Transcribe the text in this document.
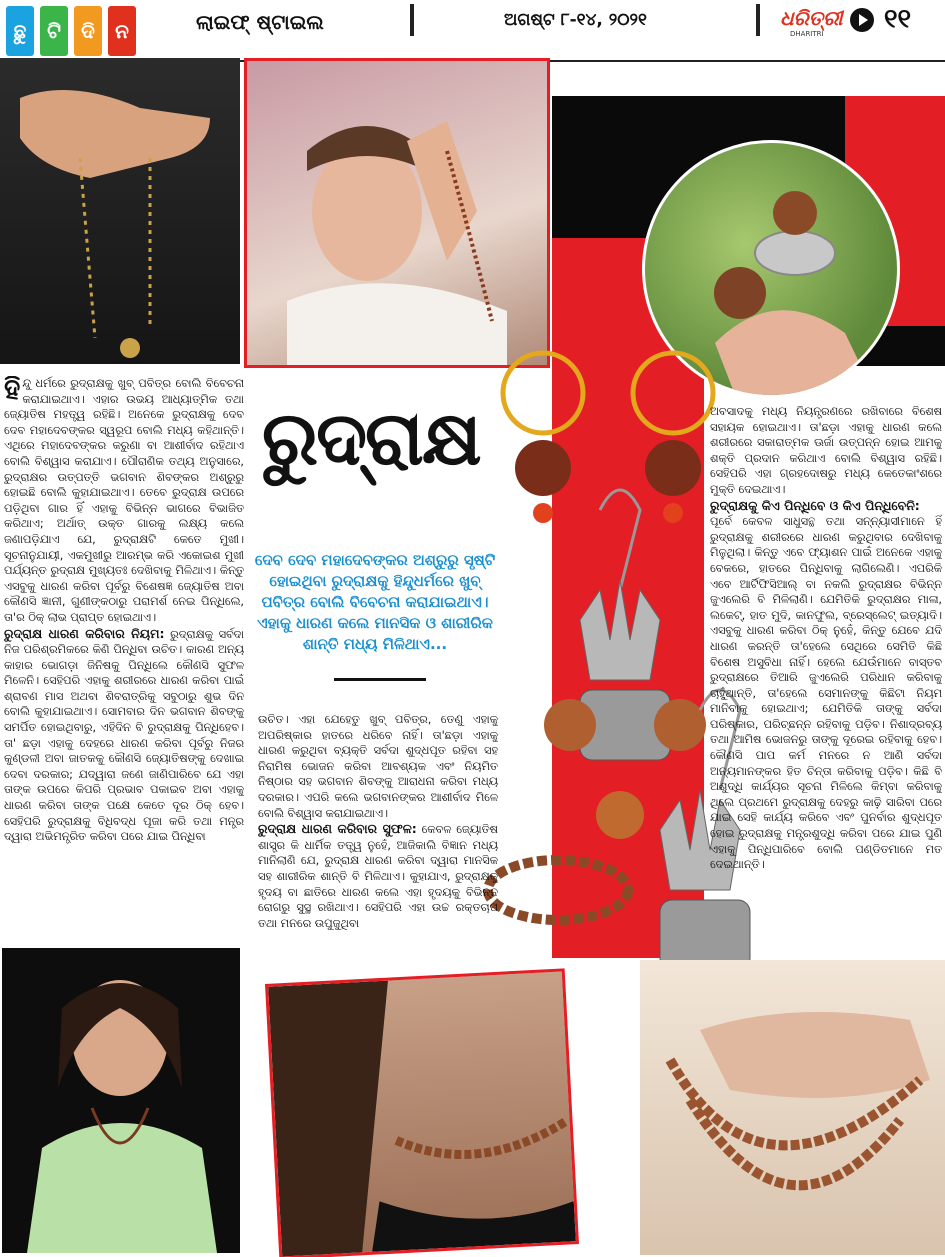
ଛୁ	ଟି	ଦି	ନ	ଲାଇଫ୍ ଷ୍ଟାଇଲ	ଅଗଷ୍ଟ ୮-୧୪, ୨୦୨୧	ଧରିତ୍ରୀ
DHARITRI ୧୧
ରୁଦ୍ରାକ୍ଷ
ଦେବ ଦେବ ମହାଦେବଙ୍କର ଅଶ୍ରୁରୁ ସୃଷ୍ଟି ହୋଇଥିବା ରୁଦ୍ରାକ୍ଷକୁ ହିନ୍ଦୁଧର୍ମରେ ଖୁବ୍ ପବିତ୍ର ବୋଲି ବିବେଚନା କରାଯାଇଥାଏ। ଏହାକୁ ଧାରଣ କଲେ ମାନସିକ ଓ ଶାରୀରିକ ଶାନ୍ତି ମଧ୍ୟ ମିଳିଥାଏ...

ହିନ୍ଦୁ ଧର୍ମରେ ରୁଦ୍ରାକ୍ଷକୁ ଖୁବ୍ ପବିତ୍ର ବୋଲି ବିବେଚନା କରାଯାଇଥାଏ। ଏହାର ଉଭୟ ଆଧ୍ୟାତ୍ମିକ ତଥା ଜ୍ୟୋତିଷ ମହତ୍ତ୍ୱ ରହିଛି। ଅନେକେ ରୁଦ୍ରାକ୍ଷକୁ ଦେବ ଦେବ ମହାଦେବଙ୍କର ସ୍ୱରୂପ ବୋଲି ମଧ୍ୟ କହିଥାନ୍ତି। ଏଥିରେ ମହାଦେବଙ୍କର କରୁଣା ବା ଆଶୀର୍ବାଦ ରହିଥାଏ ବୋଲି ବିଶ୍ୱାସ କରାଯାଏ। ପୌରାଣିକ ତଥ୍ୟ ଅନୁସାରେ, ରୁଦ୍ରାକ୍ଷର ଉତ୍ପତ୍ତି ଭଗବାନ ଶିବଙ୍କର ଅଶ୍ରୁରୁ ହୋଇଛି ବୋଲି କୁହାଯାଇଥାଏ। ତେବେ ରୁଦ୍ରାକ୍ଷ ଉପରେ ପଡ଼ିଥିବା ଗାର ହିଁ ଏହାକୁ ବିଭିନ୍ନ ଭାଗରେ ବିଭାଜିତ କରିଥାଏ; ଅର୍ଥାତ୍ ଉକ୍ତ ଗାରକୁ ଲକ୍ଷ୍ୟ କଲେ ଜଣାପଡ଼ିଯାଏ ଯେ, ରୁଦ୍ରାକ୍ଷଟି କେତେ ମୁଖୀ। ସୂଚନାନୁଯାୟୀ, ଏକମୁଖୀରୁ ଆରମ୍ଭ କରି ଏକୋଇଶ ମୁଖୀ ପର୍ଯ୍ୟନ୍ତ ରୁଦ୍ରାକ୍ଷ ମୁଖ୍ୟତଃ ଦେଖିବାକୁ ମିଳିଥାଏ। କିନ୍ତୁ ଏସବୁକୁ ଧାରଣ କରିବା ପୂର୍ବରୁ ବିଶେଷଜ୍ଞ ଜ୍ୟୋତିଷ ଅବା କୌଣସି ଜ୍ଞାନୀ, ଗୁଣୀଙ୍କଠାରୁ ପରାମର୍ଶ ନେଇ ପିନ୍ଧିଲେ, ତା'ର ଠିକ୍ ଲାଭ ପ୍ରାପ୍ତ ହୋଇଥାଏ।

ରୁଦ୍ରାକ୍ଷ ଧାରଣ କରିବାର ନିୟମ: ରୁଦ୍ରାକ୍ଷକୁ ସର୍ବଦା ନିଜ ପରିଶ୍ରମିକରେ କିଣି ପିନ୍ଧିବା ଉଚିତ। କାରଣ ଅନ୍ୟ କାହାର ଭୋଗଡ଼ା ଜିନିଷକୁ ପିନ୍ଧିଲେ କୌଣସି ସୁଫଳ ମିଳେନି। ସେହିପରି ଏହାକୁ ଶରୀରରେ ଧାରଣ କରିବା ପାଇଁ ଶ୍ରାବଣ ମାସ ଅଥବା ଶିବରାତ୍ରିକୁ ସବୁଠାରୁ ଶୁଭ ଦିନ ବୋଲି କୁହାଯାଇଥାଏ। ସୋମବାର ଦିନ ଭଗବାନ ଶିବଙ୍କୁ ସମର୍ପିତ ହୋଇଥିବାରୁ, ଏହିଦିନ ବି ରୁଦ୍ରାକ୍ଷକୁ ପିନ୍ଧିହେବ। ତା' ଛଡ଼ା ଏହାକୁ ଦେହରେ ଧାରଣ କରିବା ପୂର୍ବରୁ ନିଜର କୁଣ୍ଡଳୀ ଅବା ଜାତକକୁ କୌଣସି ଜ୍ୟୋତିଷଙ୍କୁ ଦେଖାଇ ଦେବା ଦରକାର; ଯଦ୍ୱାରା ଜଣେ ଜାଣିପାରିବେ ଯେ ଏହା ତାଙ୍କ ଉପରେ କିପରି ପ୍ରଭାବ ପକାଇବ ଅବା ଏହାକୁ ଧାରଣ କରିବା ତାଙ୍କ ପକ୍ଷେ କେତେ ଦୂର ଠିକ୍ ହେବ। ସେହିପରି ରୁଦ୍ରାକ୍ଷକୁ ବିଧିବଦ୍ଧ ପୂଜା କରି ତଥା ମନ୍ତ୍ର ଦ୍ୱାରା ଅଭିମନ୍ତ୍ରିତ କରିବା ପରେ ଯାଇ ପିନ୍ଧିବା

ଉଚିତ। ଏହା ଯେହେତୁ ଖୁବ୍ ପବିତ୍ର, ତେଣୁ ଏହାକୁ ଅପରିଷ୍କାର ହାତରେ ଧରିବେ ନାହିଁ। ତା'ଛଡ଼ା ଏହାକୁ ଧାରଣ କରୁଥିବା ବ୍ୟକ୍ତି ସର୍ବଦା ଶୁଦ୍ଧପୂତ ରହିବା ସହ ନିରାମିଷ ଭୋଜନ କରିବା ଆବଶ୍ୟକ ଏବଂ ନିୟମିତ ନିଷ୍ଠାର ସହ ଭଗବାନ ଶିବଙ୍କୁ ଆରାଧନା କରିବା ମଧ୍ୟ ଦରକାର। ଏପରି କଲେ ଭଗବାନଙ୍କର ଆଶୀର୍ବାଦ ମିଳେ ବୋଲି ବିଶ୍ୱାସ କରାଯାଇଥାଏ।

ରୁଦ୍ରାକ୍ଷ ଧାରଣ କରିବାର ସୁଫଳ: କେବଳ ଜ୍ୟୋତିଷ ଶାସ୍ତ୍ର କି ଧାର୍ମିକ ତତ୍ତ୍ୱ ନୁହେଁ, ଆଜିକାଲି ବିଜ୍ଞାନ ମଧ୍ୟ ମାନିଲାଣି ଯେ, ରୁଦ୍ରାକ୍ଷ ଧାରଣ କରିବା ଦ୍ୱାରା ମାନସିକ ସହ ଶାରୀରିକ ଶାନ୍ତି ବି ମିଳିଥାଏ। କୁହାଯାଏ, ରୁଦ୍ରାକ୍ଷକୁ ହୃଦୟ ବା ଛାତିରେ ଧାରଣ କଲେ ଏହା ହୃଦୟକୁ ବିଭିନ୍ନ ରୋଗରୁ ସୁସ୍ଥ ରଖିଥାଏ। ସେହିପରି ଏହା ଉଚ୍ଚ ରକ୍ତଚାପ ତଥା ମନରେ ଉପୁଜୁଥିବା

ଅବସାଦକୁ ମଧ୍ୟ ନିୟନ୍ତ୍ରଣରେ ରଖିବାରେ ବିଶେଷ ସହାୟକ ହୋଇଥାଏ। ତା'ଛଡ଼ା ଏହାକୁ ଧାରଣ କଲେ ଶରୀରରେ ସକାରାତ୍ମକ ଊର୍ଜା ଉତ୍ପନ୍ନ ହୋଇ ଆମକୁ ଶକ୍ତି ପ୍ରଦାନ କରିଥାଏ ବୋଲି ବିଶ୍ୱାସ ରହିଛି। ସେହିପରି ଏହା ଗ୍ରହଦୋଷରୁ ମଧ୍ୟ କେତେକାଂଶରେ ମୁକ୍ତି ଦେଇଥାଏ।

ରୁଦ୍ରାକ୍ଷକୁ କିଏ ପିନ୍ଧିବେ ଓ କିଏ ପିନ୍ଧିବେନି:

ପୂର୍ବେ କେବଳ ସାଧୁସନ୍ଥ ତଥା ସନ୍ନ୍ୟାସୀମାନେ ହିଁ ରୁଦ୍ରାକ୍ଷକୁ ଶରୀରରେ ଧାରଣ କରୁଥିବାର ଦେଖିବାକୁ ମିଳୁଥିଲା। କିନ୍ତୁ ଏବେ ଫ୍ୟାଶନ ପାଇଁ ଅନେକେ ଏହାକୁ ବେକରେ, ହାତରେ ପିନ୍ଧିବାକୁ ଲାଗିଲେଣି। ଏପରିକି ଏବେ ଆର୍ଟିଫିସିଆଲ୍ ବା ନକଲି ରୁଦ୍ରାକ୍ଷର ବିଭିନ୍ନ ଜୁଏଲେରି ବି ମିଳିଲାଣି। ଯେମିତିକି ରୁଦ୍ରାକ୍ଷର ମାଳା, ଲକେଟ୍, ହାତ ମୁଦି, କାନଫୁଲ, ବ୍ରେସ୍‌ଲେଟ୍ ଇତ୍ୟାଦି। ଏସବୁକୁ ଧାରଣ କରିବା ଠିକ୍ ନୁହେଁ, କିନ୍ତୁ ଯେବେ ଯଦି ଧାରଣ କରନ୍ତି ତା'ହେଲେ ସେଥିରେ ସେମିତି କିଛି ବିଶେଷ ଅସୁବିଧା ନାହିଁ। ହେଲେ ଯେଉଁମାନେ ବାସ୍ତବ ରୁଦ୍ରାକ୍ଷରେ ତିଆରି ଜୁଏଲେରି ପରିଧାନ କରିବାକୁ ଚାହୁଁଥାନ୍ତି, ତା'ହେଲେ ସେମାନଙ୍କୁ କିଛିଟା ନିୟମ ମାନିବାକୁ ହୋଇଥାଏ; ଯେମିତିକି ତାଙ୍କୁ ସର୍ବଦା ପରିଷ୍କାର, ପରିଚ୍ଛନ୍ନ ରହିବାକୁ ପଡ଼ିବ। ନିଶାଦ୍ରବ୍ୟ ତଥା ଆମିଷ ଭୋଜନରୁ ତାଙ୍କୁ ଦୂରେଇ ରହିବାକୁ ହେବ। କୌଣସି ପାପ କର୍ମ ମନରେ ନ ଆଣି ସର୍ବଦା ଅନ୍ୟମାନଙ୍କର ହିତ ଚିନ୍ତା କରିବାକୁ ପଡ଼ିବ। କିଛି ବି ଅଶୁଦ୍ଧି କାର୍ଯ୍ୟର ସୂଚନା ମିଳିଲେ କିମ୍ବା କରିବାକୁ ଥିଲେ ପ୍ରଥମେ ରୁଦ୍ରାକ୍ଷକୁ ଦେହରୁ କାଢ଼ି ସାରିବା ପରେ ଯାଇ ସେହି କାର୍ଯ୍ୟ କରିବେ ଏବଂ ପୁନର୍ବାର ଶୁଦ୍ଧପୂତ ହୋଇ ରୁଦ୍ରାକ୍ଷକୁ ମନ୍ତ୍ରଶୁଦ୍ଧି କରିବା ପରେ ଯାଇ ପୁଣି ଏହାକୁ ପିନ୍ଧିପାରିବେ ବୋଲି ପଣ୍ଡିତମାନେ ମତ ଦେଇଥାନ୍ତି।
